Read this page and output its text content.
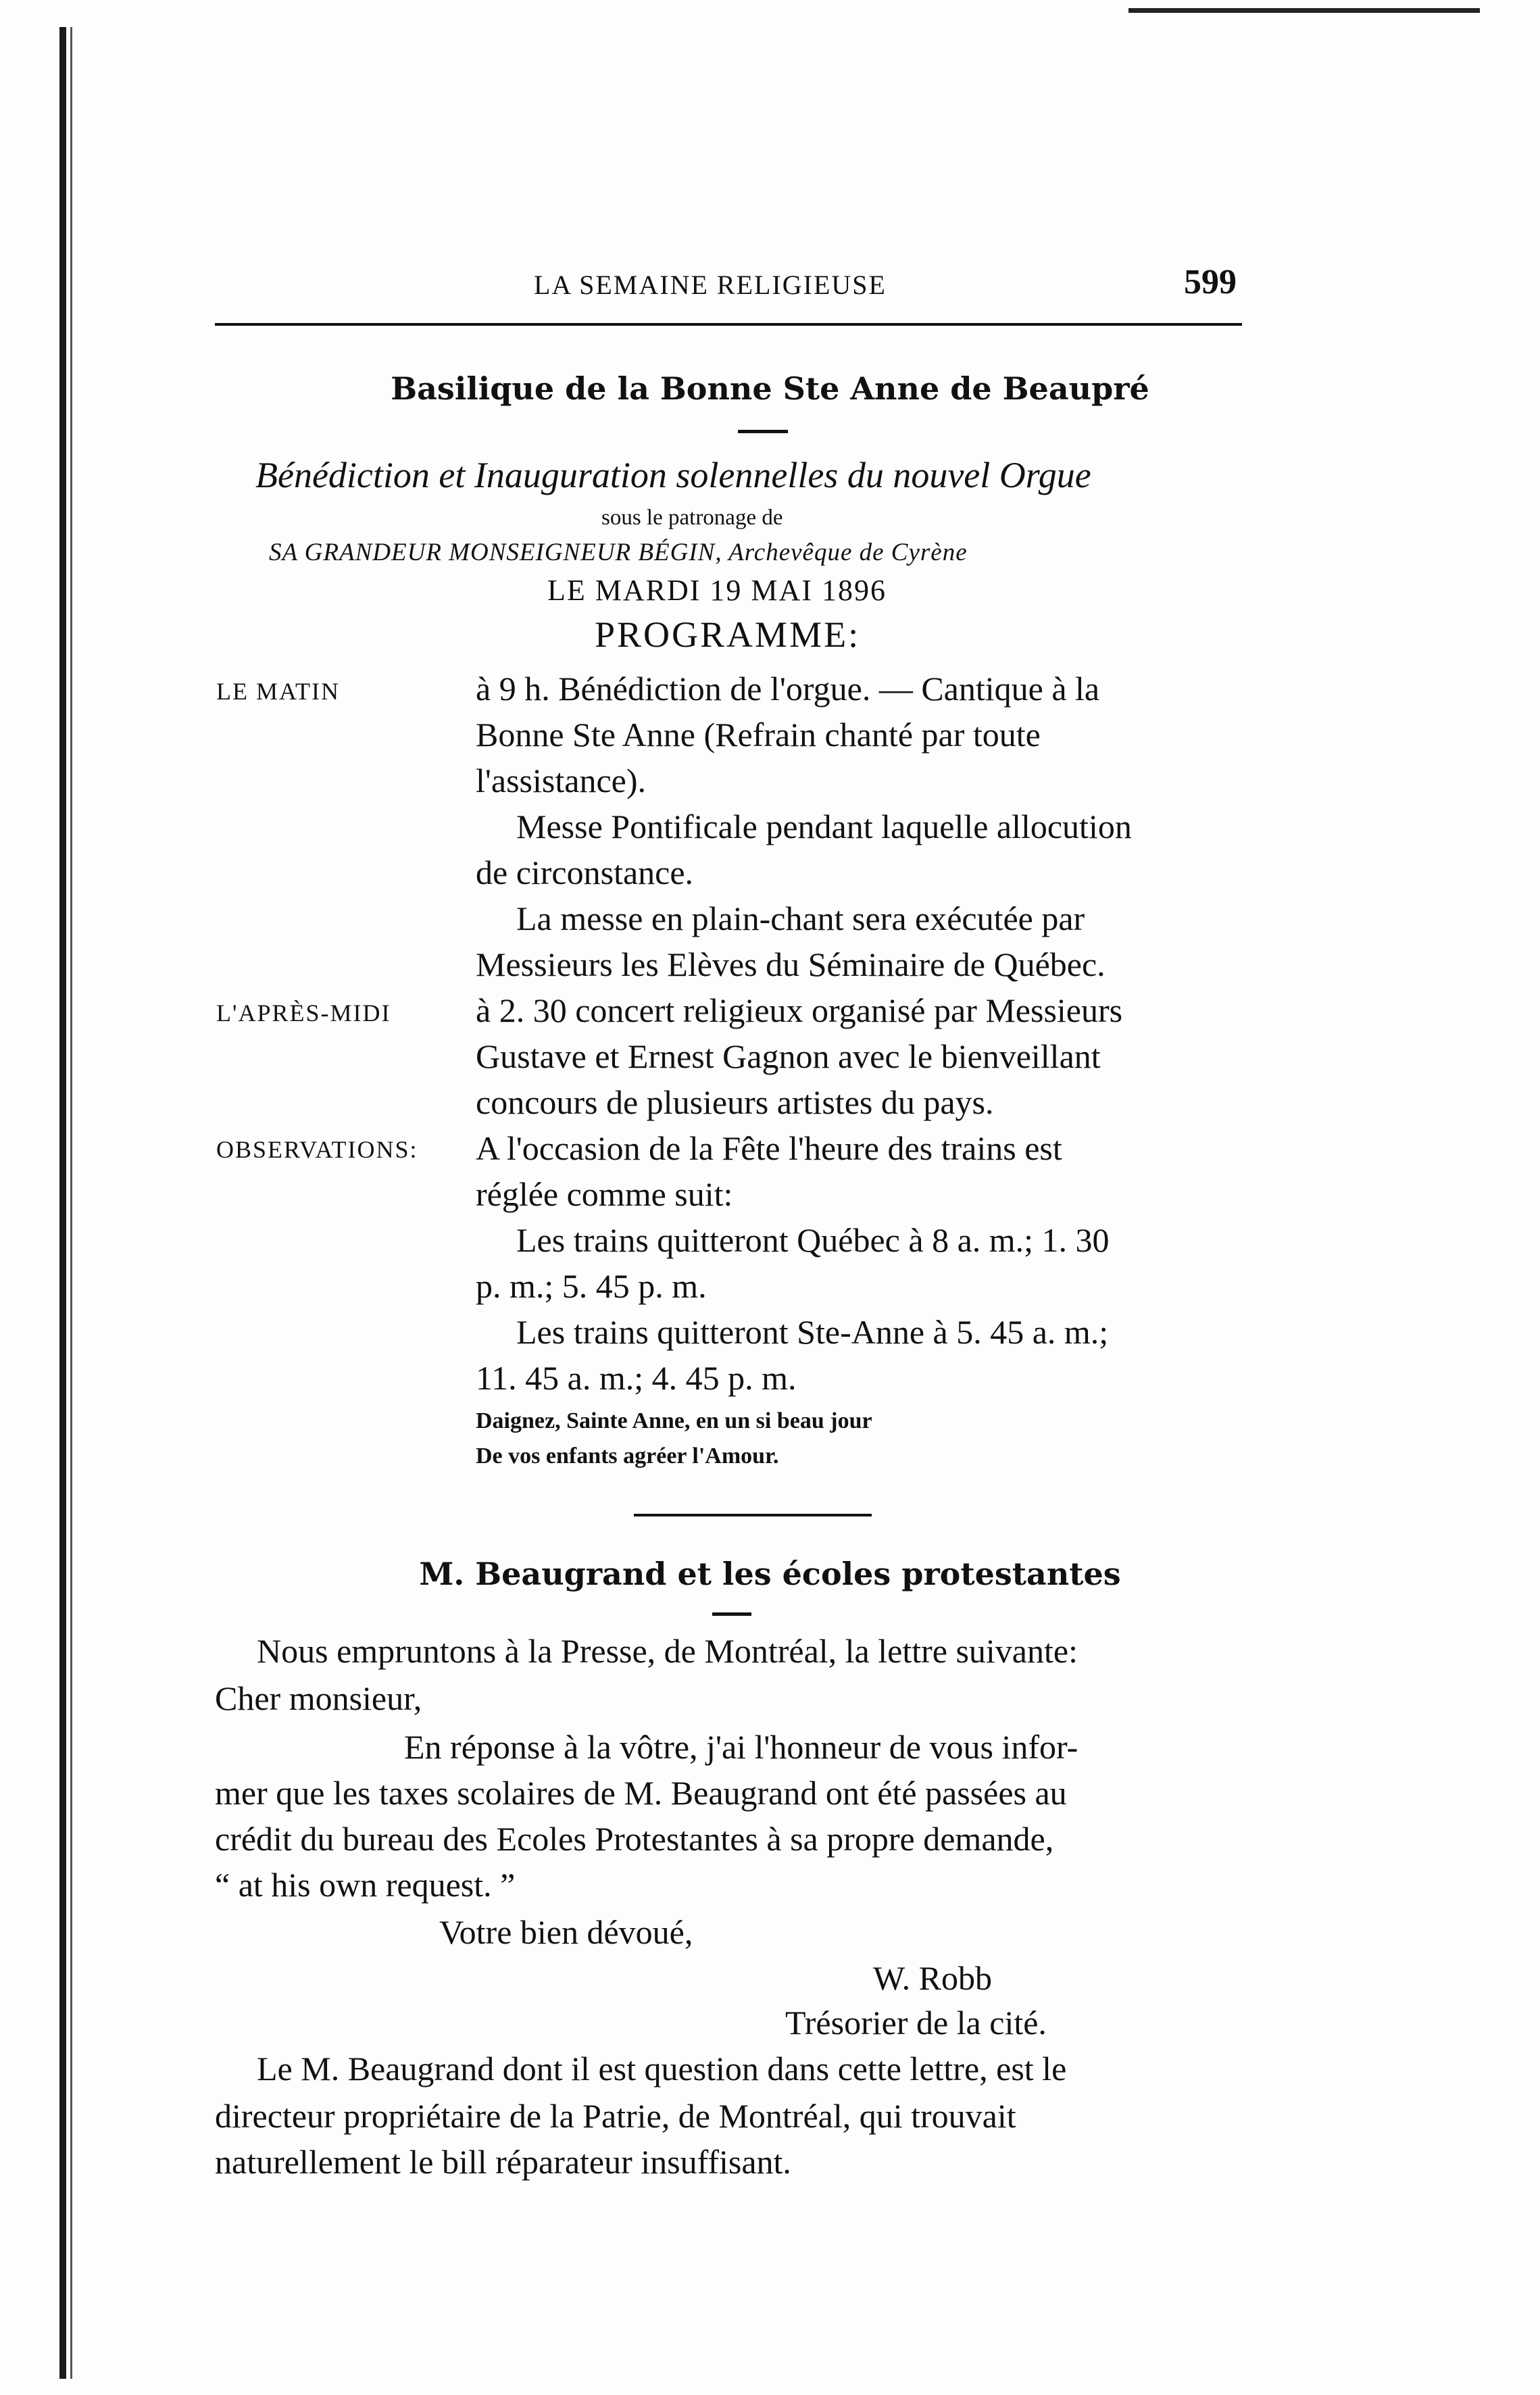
LA SEMAINE RELIGIEUSE	599
Basilique de la Bonne Ste Anne de Beaupré
Bénédiction et Inauguration solennelles du nouvel Orgue
sous le patronage de
SA GRANDEUR MONSEIGNEUR BÉGIN, Archevêque de Cyrène
LE MARDI 19 MAI 1896
PROGRAMME:
LE MATIN
L'APRÈS-MIDI
OBSERVATIONS:
à 9 h. Bénédiction de l'orgue. — Cantique à la
Bonne Ste Anne (Refrain chanté par toute
l'assistance).
Messe Pontificale pendant laquelle allocution
de circonstance.
La messe en plain-chant sera exécutée par
Messieurs les Elèves du Séminaire de Québec.
à 2. 30 concert religieux organisé par Messieurs
Gustave et Ernest Gagnon avec le bienveillant
concours de plusieurs artistes du pays.
A l'occasion de la Fête l'heure des trains est
réglée comme suit:
Les trains quitteront Québec à 8 a. m.; 1. 30
p. m.; 5. 45 p. m.
Les trains quitteront Ste-Anne à 5. 45 a. m.;
11. 45 a. m.; 4. 45 p. m.
Daignez, Sainte Anne, en un si beau jour
De vos enfants agréer l'Amour.
M. Beaugrand et les écoles protestantes
Nous empruntons à la Presse, de Montréal, la lettre suivante:
Cher monsieur,
En réponse à la vôtre, j'ai l'honneur de vous infor-
mer que les taxes scolaires de M. Beaugrand ont été passées au
crédit du bureau des Ecoles Protestantes à sa propre demande,
“ at his own request. ”
Votre bien dévoué,
W. Robb
Trésorier de la cité.
Le M. Beaugrand dont il est question dans cette lettre, est le
directeur propriétaire de la Patrie, de Montréal, qui trouvait
naturellement le bill réparateur insuffisant.
